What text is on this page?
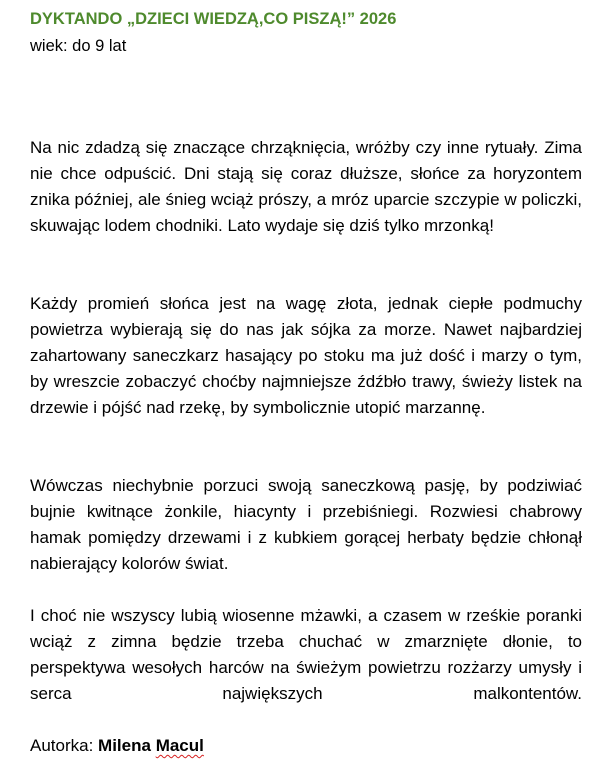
DYKTANDO „DZIECI WIEDZĄ,CO PISZĄ!” 2026

wiek: do 9 lat

Na nic zdadzą się znaczące chrząknięcia, wróżby czy inne rytuały. Zima nie chce odpuścić. Dni stają się coraz dłuższe, słońce za horyzontem znika później, ale śnieg wciąż prószy, a mróz uparcie szczypie w policzki, skuwając lodem chodniki. Lato wydaje się dziś tylko mrzonką!

Każdy promień słońca jest na wagę złota, jednak ciepłe podmuchy powietrza wybierają się do nas jak sójka za morze. Nawet najbardziej zahartowany saneczkarz hasający po stoku ma już dość i marzy o tym, by wreszcie zobaczyć choćby najmniejsze źdźbło trawy, świeży listek na drzewie i pójść nad rzekę, by symbolicznie utopić marzannę.

Wówczas niechybnie porzuci swoją saneczkową pasję, by podziwiać bujnie kwitnące żonkile, hiacynty i przebiśniegi. Rozwiesi chabrowy hamak pomiędzy drzewami i z kubkiem gorącej herbaty będzie chłonął nabierający kolorów świat.

I choć nie wszyscy lubią wiosenne mżawki, a czasem w rześkie poranki wciąż z zimna będzie trzeba chuchać w zmarznięte dłonie, to perspektywa wesołych harców na świeżym powietrzu rozżarzy umysły i serca największych malkontentów.

Autorka: Milena Macul
